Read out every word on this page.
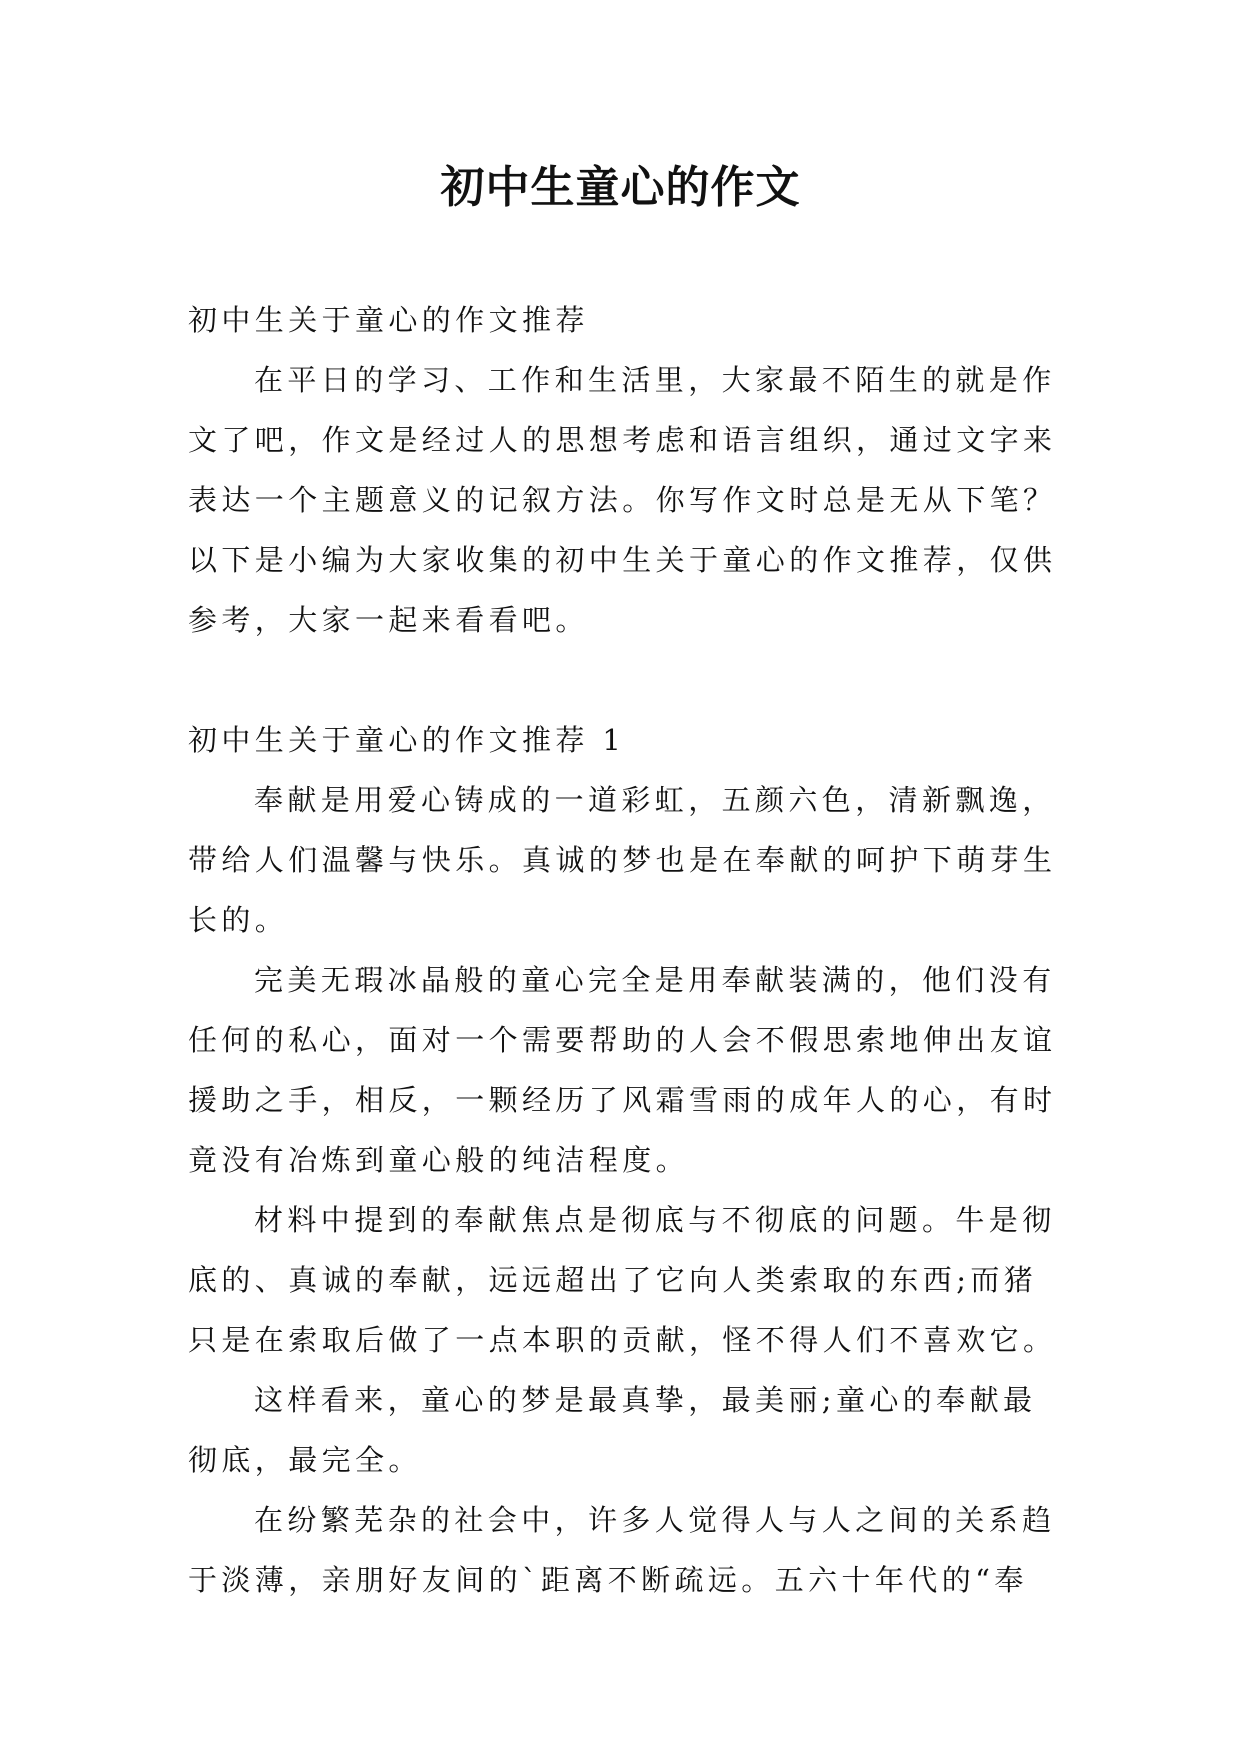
初中生童心的作文
初中生关于童心的作文推荐
在平日的学习、工作和生活里，大家最不陌生的就是作
文了吧，作文是经过人的思想考虑和语言组织，通过文字来
表达一个主题意义的记叙方法。你写作文时总是无从下笔？
以下是小编为大家收集的初中生关于童心的作文推荐，仅供
参考，大家一起来看看吧。
初中生关于童心的作文推荐 1
奉献是用爱心铸成的一道彩虹，五颜六色，清新飘逸，
带给人们温馨与快乐。真诚的梦也是在奉献的呵护下萌芽生
长的。
完美无瑕冰晶般的童心完全是用奉献装满的，他们没有
任何的私心，面对一个需要帮助的人会不假思索地伸出友谊
援助之手，相反，一颗经历了风霜雪雨的成年人的心，有时
竟没有冶炼到童心般的纯洁程度。
材料中提到的奉献焦点是彻底与不彻底的问题。牛是彻
底的、真诚的奉献，远远超出了它向人类索取的东西;而猪
只是在索取后做了一点本职的贡献，怪不得人们不喜欢它。
这样看来，童心的梦是最真挚，最美丽;童心的奉献最
彻底，最完全。
在纷繁芜杂的社会中，许多人觉得人与人之间的关系趋
于淡薄，亲朋好友间的`距离不断疏远。五六十年代的“奉
